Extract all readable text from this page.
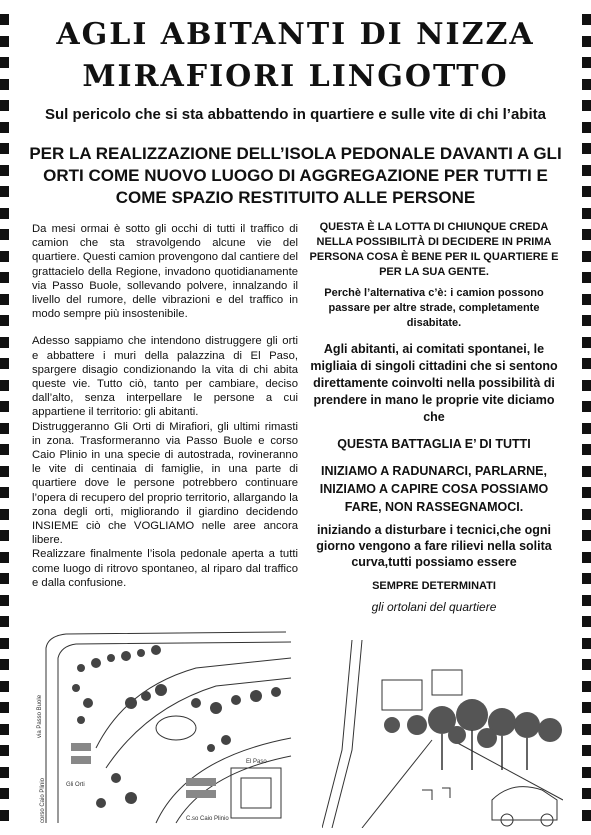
AGLI ABITANTI DI NIZZA
MIRAFIORI LINGOTTO
Sul pericolo che si sta abbattendo in quartiere e sulle vite di chi l’abita
PER LA REALIZZAZIONE DELL’ISOLA PEDONALE DAVANTI A GLI ORTI COME NUOVO LUOGO DI AGGREGAZIONE PER TUTTI E COME SPAZIO RESTITUITO ALLE PERSONE

Da mesi ormai è sotto gli occhi di tutti il traffico di camion che sta stravolgendo alcune vie del quartiere. Questi camion provengono dal cantiere del grattacielo della Regione, invadono quotidianamente via Passo Buole, sollevando polvere, innalzando il livello del rumore, delle vibrazioni e del traffico in modo sempre più insostenibile.

Adesso sappiamo che intendono distruggere gli orti e abbattere i muri della palazzina di El Paso, spargere disagio condizionando la vita di chi abita queste vie. Tutto ciò, tanto per cambiare, deciso dall’alto, senza interpellare le persone a cui appartiene il territorio: gli abitanti.

Distruggeranno Gli Orti di Mirafiori, gli ultimi rimasti in zona. Trasformeranno via Passo Buole e corso Caio Plinio in una specie di autostrada, rovineranno le vite di centinaia di famiglie, in una parte di quartiere dove le persone potrebbero continuare l’opera di recupero del proprio territorio, allargando la zona degli orti, migliorando il giardino decidendo INSIEME ciò che VOGLIAMO nelle aree ancora libere.

Realizzare finalmente l’isola pedonale aperta a tutti come luogo di ritrovo spontaneo, al riparo dal traffico e dalla confusione.

QUESTA È LA LOTTA DI CHIUNQUE CREDA NELLA POSSIBILITÀ DI DECIDERE IN PRIMA PERSONA COSA È BENE PER IL QUARTIERE E PER LA SUA GENTE.

Perchè l’alternativa c’è: i camion possono passare per altre strade, completamente disabitate.

Agli abitanti, ai comitati spontanei, le migliaia di singoli cittadini che si sentono direttamente coinvolti nella possibilità di prendere in mano le proprie vite diciamo che

QUESTA BATTAGLIA E’ DI TUTTI

INIZIAMO A RADUNARCI, PARLARNE, INIZIAMO A CAPIRE COSA POSSIAMO FARE, NON RASSEGNAMOCI.

iniziando a disturbare i tecnici,che ogni giorno vengono a fare rilievi nella solita curva,tutti possiamo essere

SEMPRE DETERMINATI

gli ortolani del quartiere

via Passo Buole
corso Caio Plinio	Gli Orti
El Paso
C.so Caio Plinio
